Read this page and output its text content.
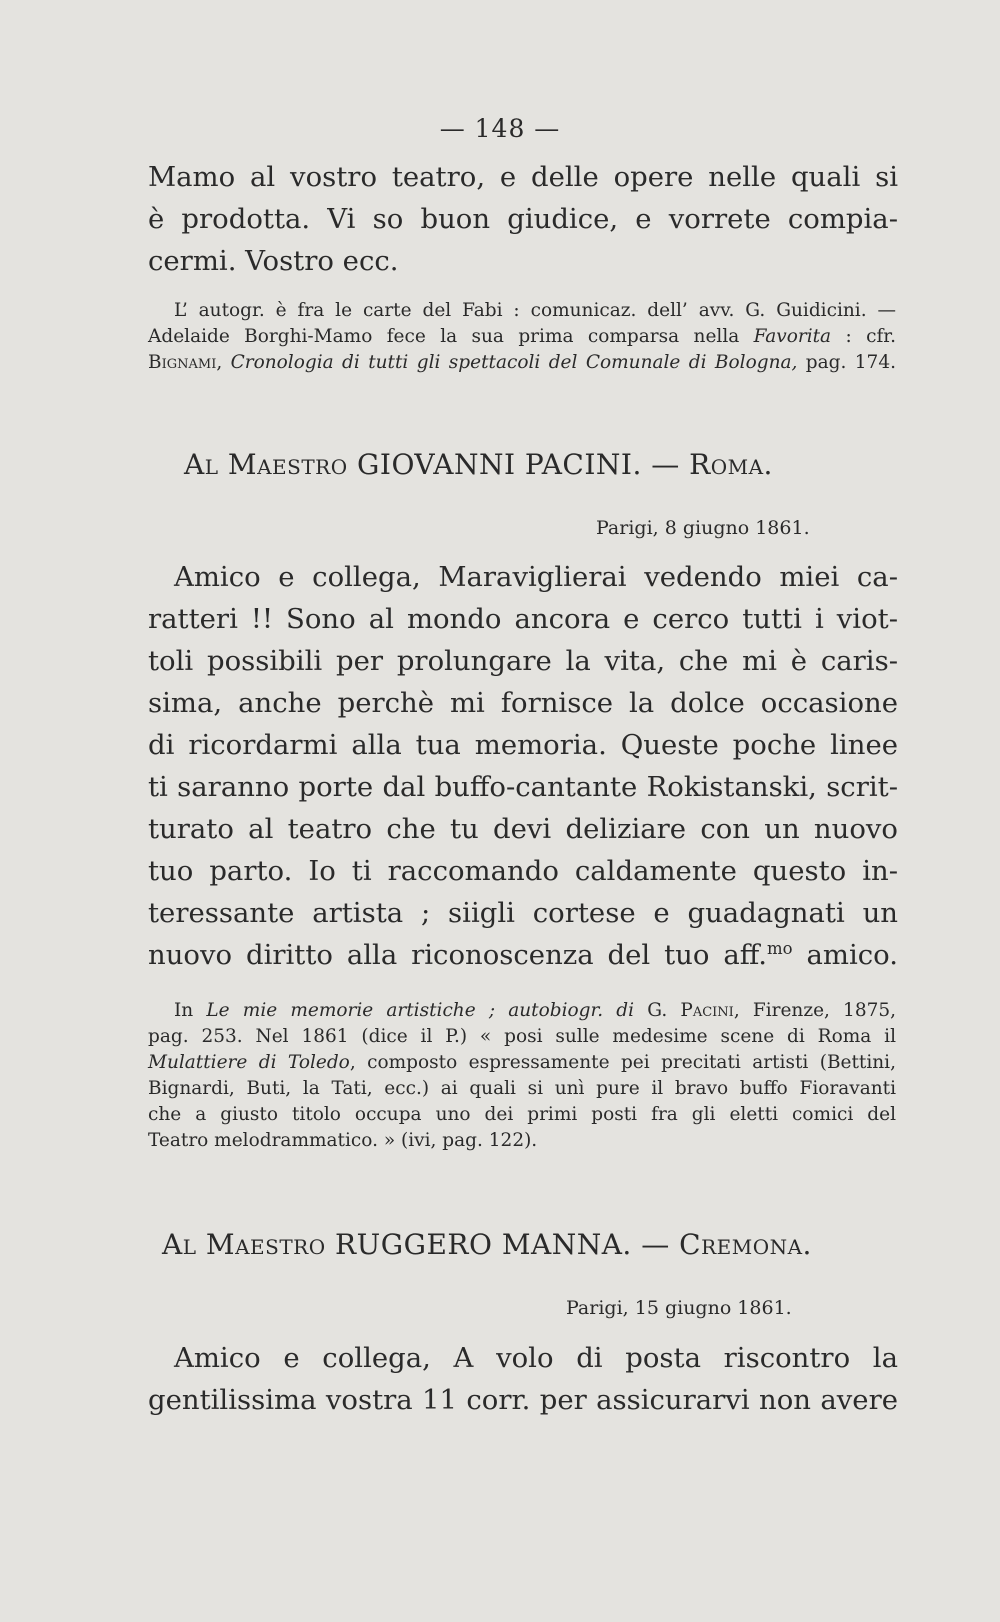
— 148 —
Mamo al vostro teatro, e delle opere nelle quali si
è prodotta. Vi so buon giudice, e vorrete compia-
cermi. Vostro ecc.
L’ autogr. è fra le carte del Fabi : comunicaz. dell’ avv. G. Guidicini. —
Adelaide Borghi-Mamo fece la sua prima comparsa nella Favorita : cfr.
Bignami, Cronologia di tutti gli spettacoli del Comunale di Bologna, pag. 174.
Al Maestro GIOVANNI PACINI. — Roma.
Parigi, 8 giugno 1861.
Amico e collega, Maraviglierai vedendo miei ca-
ratteri !! Sono al mondo ancora e cerco tutti i viot-
toli possibili per prolungare la vita, che mi è caris-
sima, anche perchè mi fornisce la dolce occasione
di ricordarmi alla tua memoria. Queste poche linee
ti saranno porte dal buffo-cantante Rokistanski, scrit-
turato al teatro che tu devi deliziare con un nuovo
tuo parto. Io ti raccomando caldamente questo in-
teressante artista ; siigli cortese e guadagnati un
nuovo diritto alla riconoscenza del tuo aff.$^{mo}$ amico.
In Le mie memorie artistiche ; autobiogr. di G. Pacini, Firenze, 1875,
pag. 253. Nel 1861 (dice il P.) « posi sulle medesime scene di Roma il
Mulattiere di Toledo, composto espressamente pei precitati artisti (Bettini,
Bignardi, Buti, la Tati, ecc.) ai quali si unì pure il bravo buffo Fioravanti
che a giusto titolo occupa uno dei primi posti fra gli eletti comici del
Teatro melodrammatico. » (ivi, pag. 122).
Al Maestro RUGGERO MANNA. — Cremona.
Parigi, 15 giugno 1861.
Amico e collega, A volo di posta riscontro la
gentilissima vostra 11 corr. per assicurarvi non avere
